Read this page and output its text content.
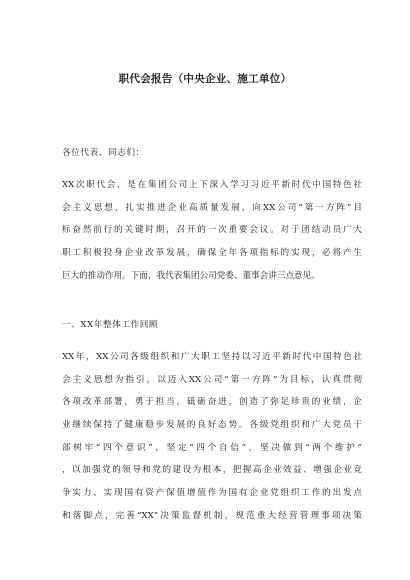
职代会报告（中央企业、施工单位）
各位代表、同志们：
XX次职代会，是在集团公司上下深入学习习近平新时代中国特色社
会主义思想，扎实推进企业高质量发展，向XX公司“第一方阵”目
标奋然前行的关键时期，召开的一次重要会议。对于团结动员广大
职工积极投身企业改革发展，确保全年各项指标的实现，必将产生
巨大的推动作用。下面，我代表集团公司党委、董事会讲三点意见。
一、XX年整体工作回顾
XX年，XX公司各级组织和广大职工坚持以习近平新时代中国特色社
会主义思想为指引，以迈入XX公司“第一方阵”为目标，认真贯彻
各项改革部署，勇于担当，砥砺奋进，创造了弥足珍贵的业绩，企
业继续保持了健康稳步发展的良好态势。各级党组织和广大党员干
部树牢“四个意识”，坚定“四个自信”，坚决做到“两个维护”
，以加强党的领导和党的建设为根本，把握高企业效益、增强企业竞
争实力、实现国有资产保值增值作为国有企业党组织工作的出发点
和落脚点，完善“XX”决策监督机制，规范重大经营管理事项决策
